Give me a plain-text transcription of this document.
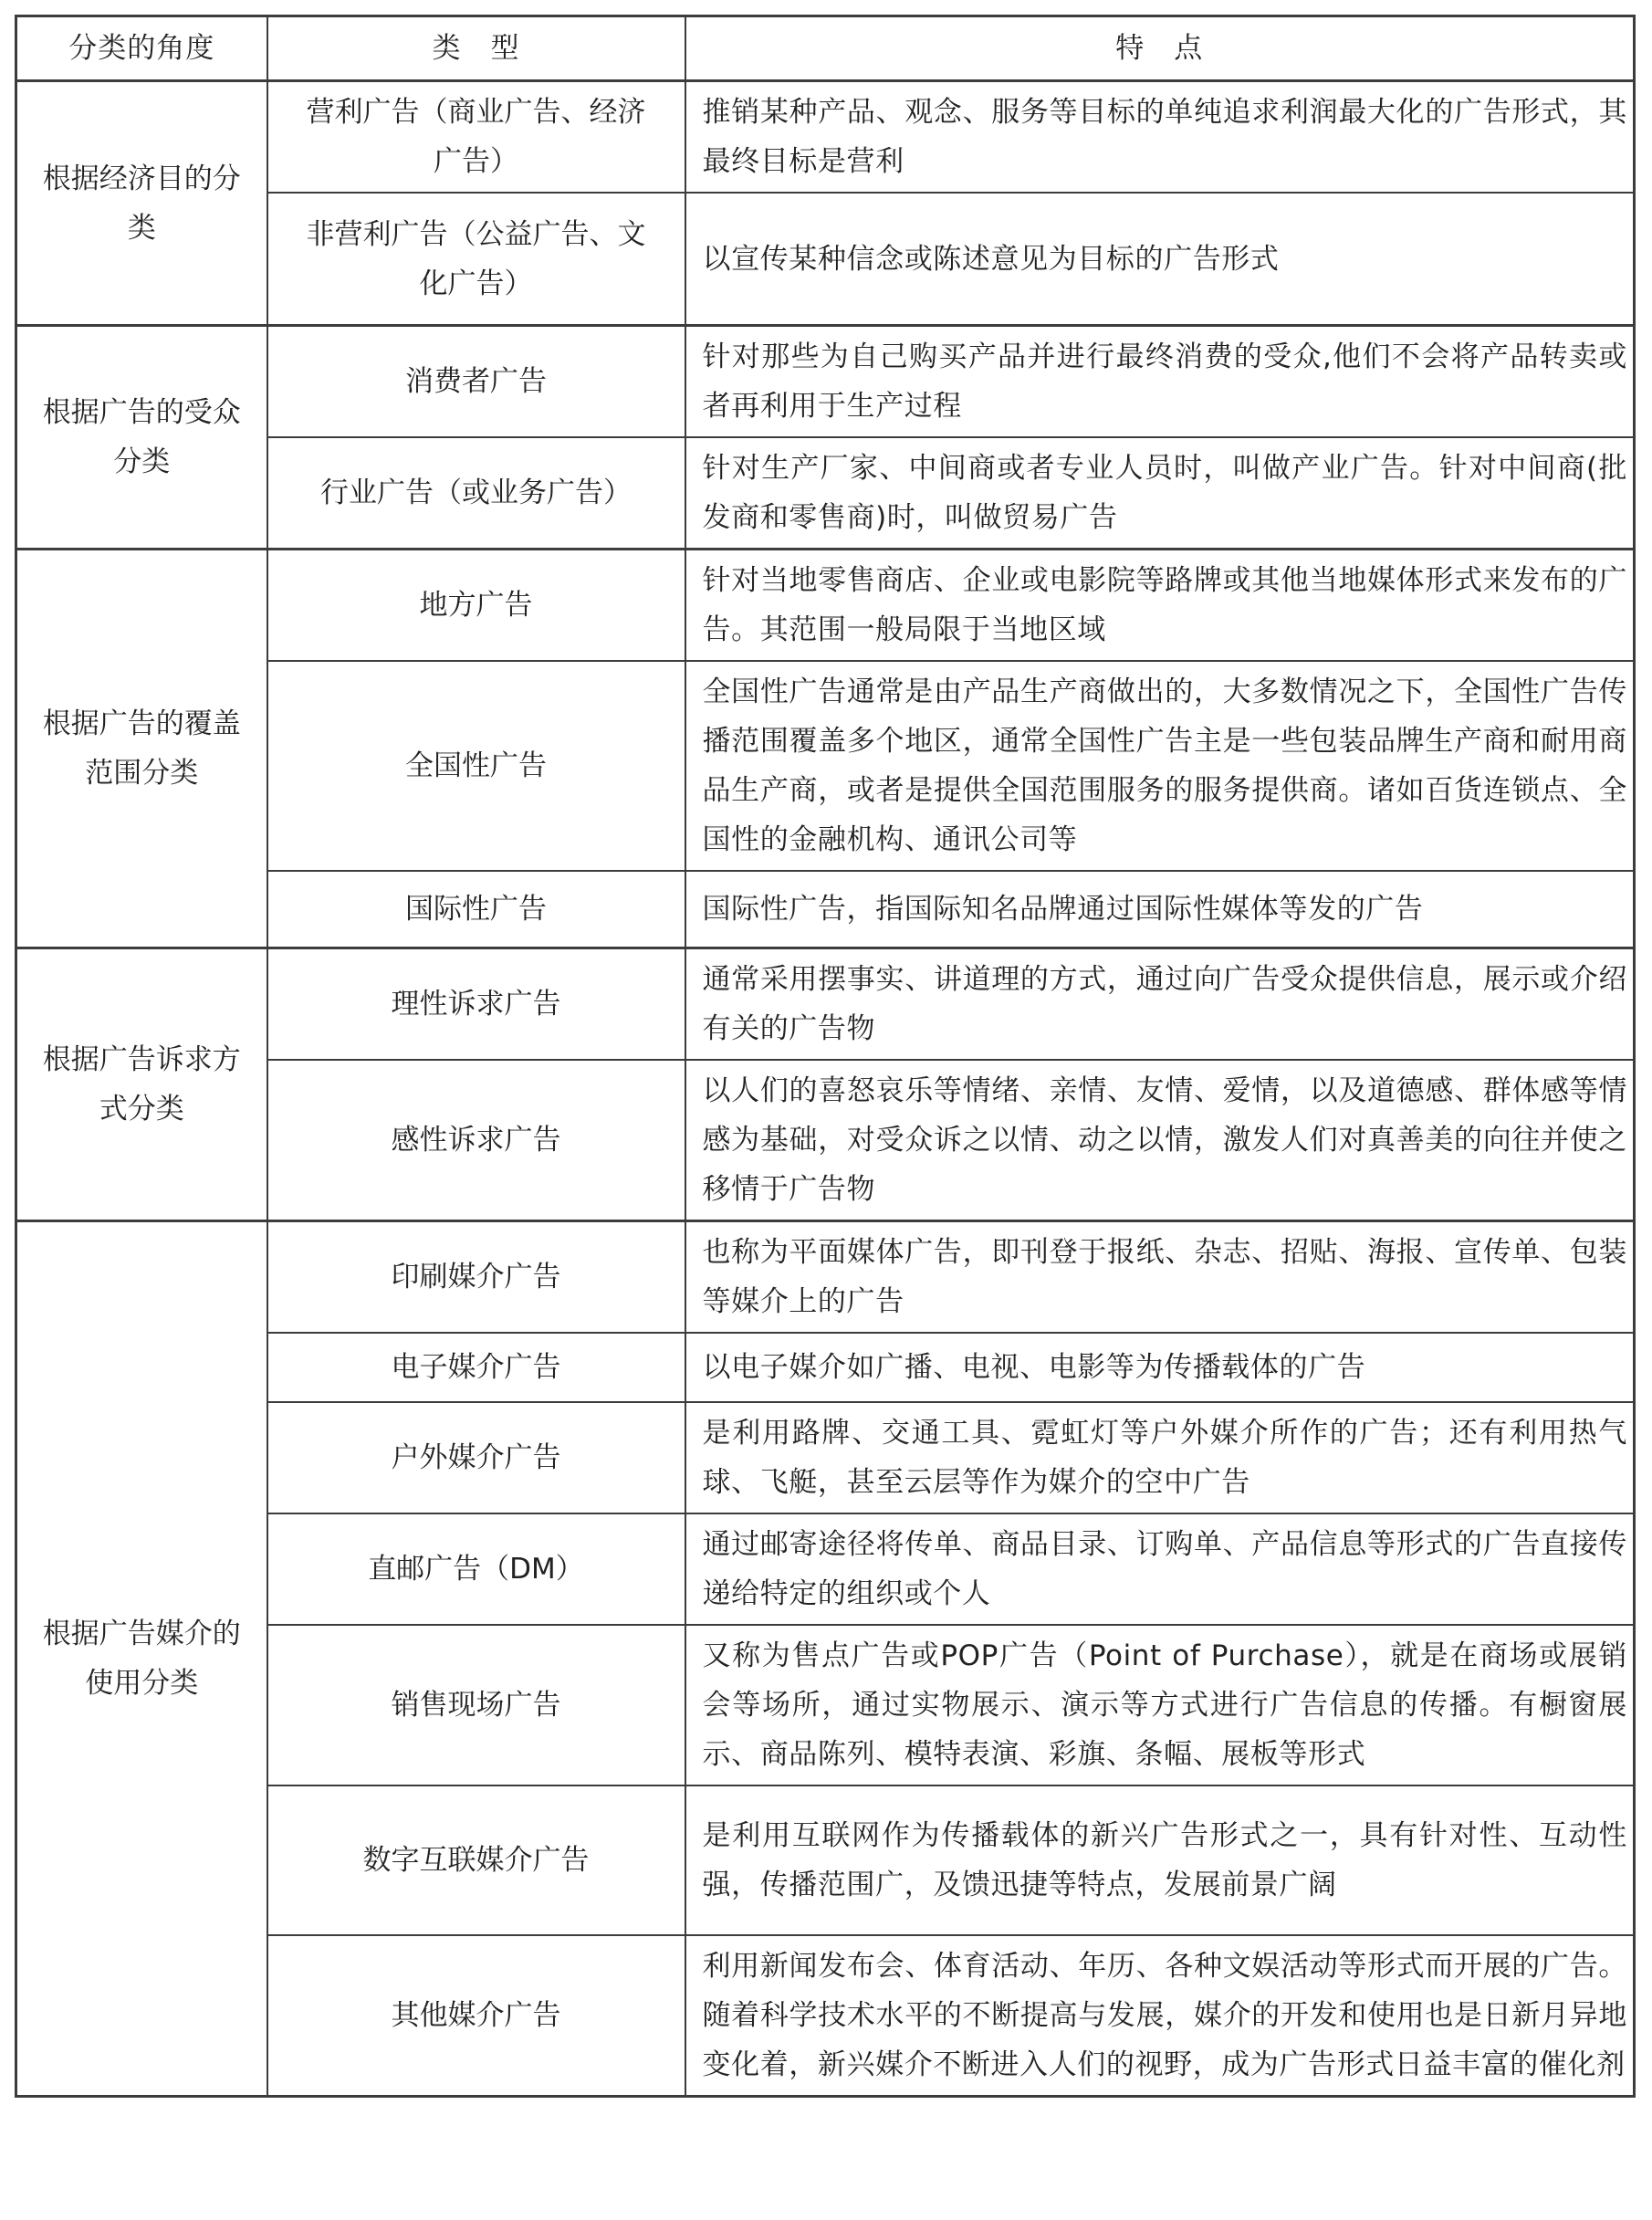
分类的角度	类　型	特　点
根据经济目的分类	营利广告（商业广告、经济广告）	推销某种产品、观念、服务等目标的单纯追求利润最大化的广告形式，其最终目标是营利
	非营利广告（公益广告、文化广告）	以宣传某种信念或陈述意见为目标的广告形式
根据广告的受众分类	消费者广告	针对那些为自己购买产品并进行最终消费的受众,他们不会将产品转卖或者再利用于生产过程
	行业广告（或业务广告）	针对生产厂家、中间商或者专业人员时，叫做产业广告。针对中间商(批发商和零售商)时，叫做贸易广告
根据广告的覆盖范围分类	地方广告	针对当地零售商店、企业或电影院等路牌或其他当地媒体形式来发布的广告。其范围一般局限于当地区域
	全国性广告	全国性广告通常是由产品生产商做出的，大多数情况之下，全国性广告传播范围覆盖多个地区，通常全国性广告主是一些包装品牌生产商和耐用商品生产商，或者是提供全国范围服务的服务提供商。诸如百货连锁点、全国性的金融机构、通讯公司等
	国际性广告	国际性广告，指国际知名品牌通过国际性媒体等发的广告
根据广告诉求方式分类	理性诉求广告	通常采用摆事实、讲道理的方式，通过向广告受众提供信息，展示或介绍有关的广告物
	感性诉求广告	以人们的喜怒哀乐等情绪、亲情、友情、爱情，以及道德感、群体感等情感为基础，对受众诉之以情、动之以情，激发人们对真善美的向往并使之移情于广告物
根据广告媒介的使用分类	印刷媒介广告	也称为平面媒体广告，即刊登于报纸、杂志、招贴、海报、宣传单、包装等媒介上的广告
	电子媒介广告	以电子媒介如广播、电视、电影等为传播载体的广告
	户外媒介广告	是利用路牌、交通工具、霓虹灯等户外媒介所作的广告；还有利用热气球、飞艇，甚至云层等作为媒介的空中广告
	直邮广告（DM）	通过邮寄途径将传单、商品目录、订购单、产品信息等形式的广告直接传递给特定的组织或个人
	销售现场广告	又称为售点广告或POP广告（Point of Purchase），就是在商场或展销会等场所，通过实物展示、演示等方式进行广告信息的传播。有橱窗展示、商品陈列、模特表演、彩旗、条幅、展板等形式
	数字互联媒介广告	是利用互联网作为传播载体的新兴广告形式之一，具有针对性、互动性强，传播范围广，及馈迅捷等特点，发展前景广阔
	其他媒介广告	利用新闻发布会、体育活动、年历、各种文娱活动等形式而开展的广告。随着科学技术水平的不断提高与发展，媒介的开发和使用也是日新月异地变化着，新兴媒介不断进入人们的视野，成为广告形式日益丰富的催化剂
